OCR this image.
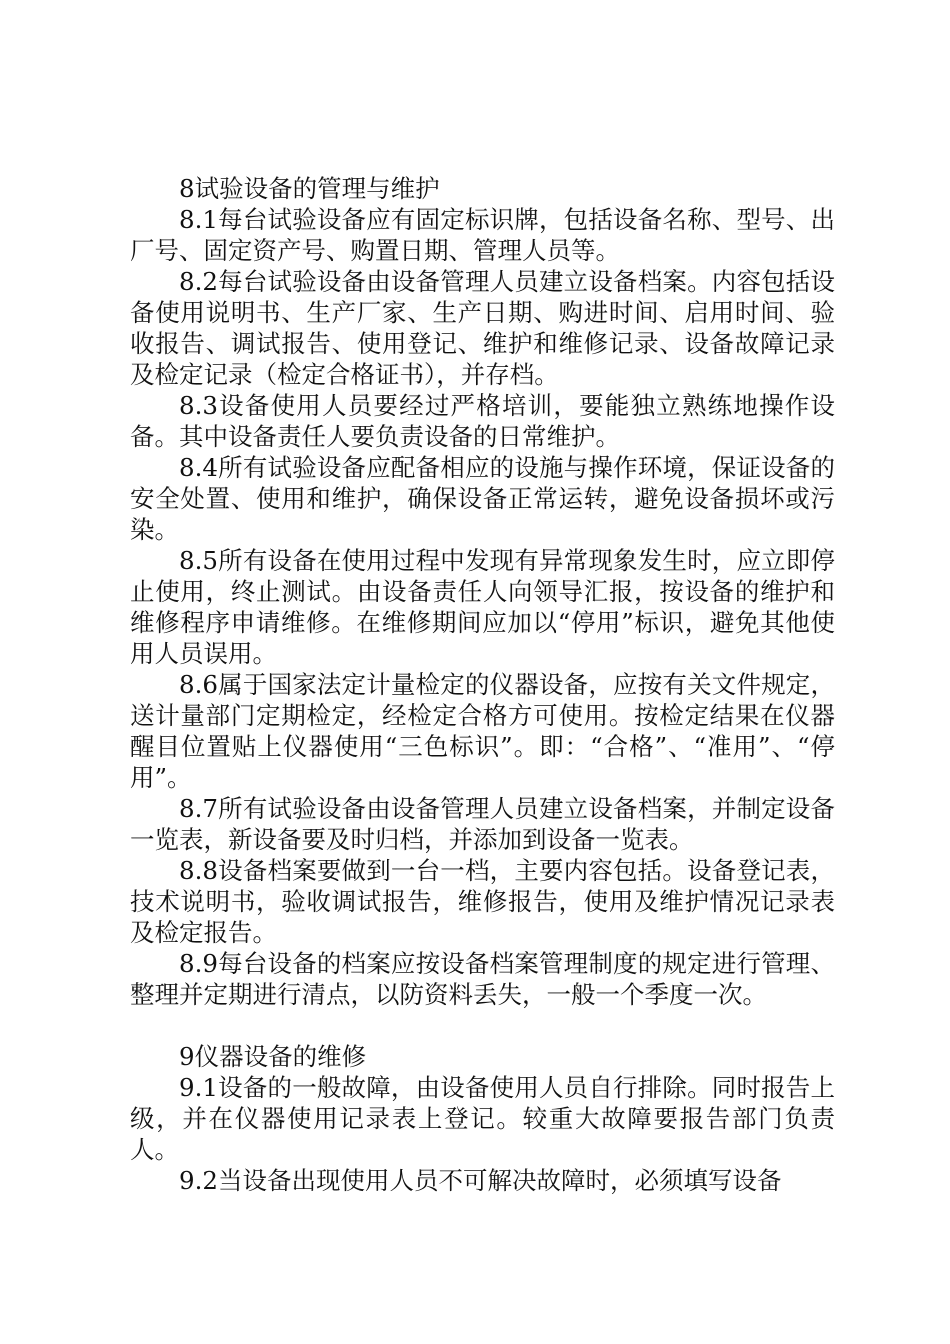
8试验设备的管理与维护

8.1每台试验设备应有固定标识牌，包括设备名称、型号、出厂号、固定资产号、购置日期、管理人员等。

8.2每台试验设备由设备管理人员建立设备档案。内容包括设备使用说明书、生产厂家、生产日期、购进时间、启用时间、验收报告、调试报告、使用登记、维护和维修记录、设备故障记录及检定记录（检定合格证书），并存档。

8.3设备使用人员要经过严格培训，要能独立熟练地操作设备。其中设备责任人要负责设备的日常维护。

8.4所有试验设备应配备相应的设施与操作环境，保证设备的安全处置、使用和维护，确保设备正常运转，避免设备损坏或污染。

8.5所有设备在使用过程中发现有异常现象发生时，应立即停止使用，终止测试。由设备责任人向领导汇报，按设备的维护和维修程序申请维修。在维修期间应加以“停用”标识，避免其他使用人员误用。

8.6属于国家法定计量检定的仪器设备，应按有关文件规定，送计量部门定期检定，经检定合格方可使用。按检定结果在仪器醒目位置贴上仪器使用“三色标识”。即：“合格”、“准用”、“停用”。

8.7所有试验设备由设备管理人员建立设备档案，并制定设备一览表，新设备要及时归档，并添加到设备一览表。

8.8设备档案要做到一台一档，主要内容包括。设备登记表，技术说明书，验收调试报告，维修报告，使用及维护情况记录表及检定报告。

8.9每台设备的档案应按设备档案管理制度的规定进行管理、整理并定期进行清点，以防资料丢失，一般一个季度一次。

9仪器设备的维修

9.1设备的一般故障，由设备使用人员自行排除。同时报告上级，并在仪器使用记录表上登记。较重大故障要报告部门负责人。

9.2当设备出现使用人员不可解决故障时，必须填写设备
